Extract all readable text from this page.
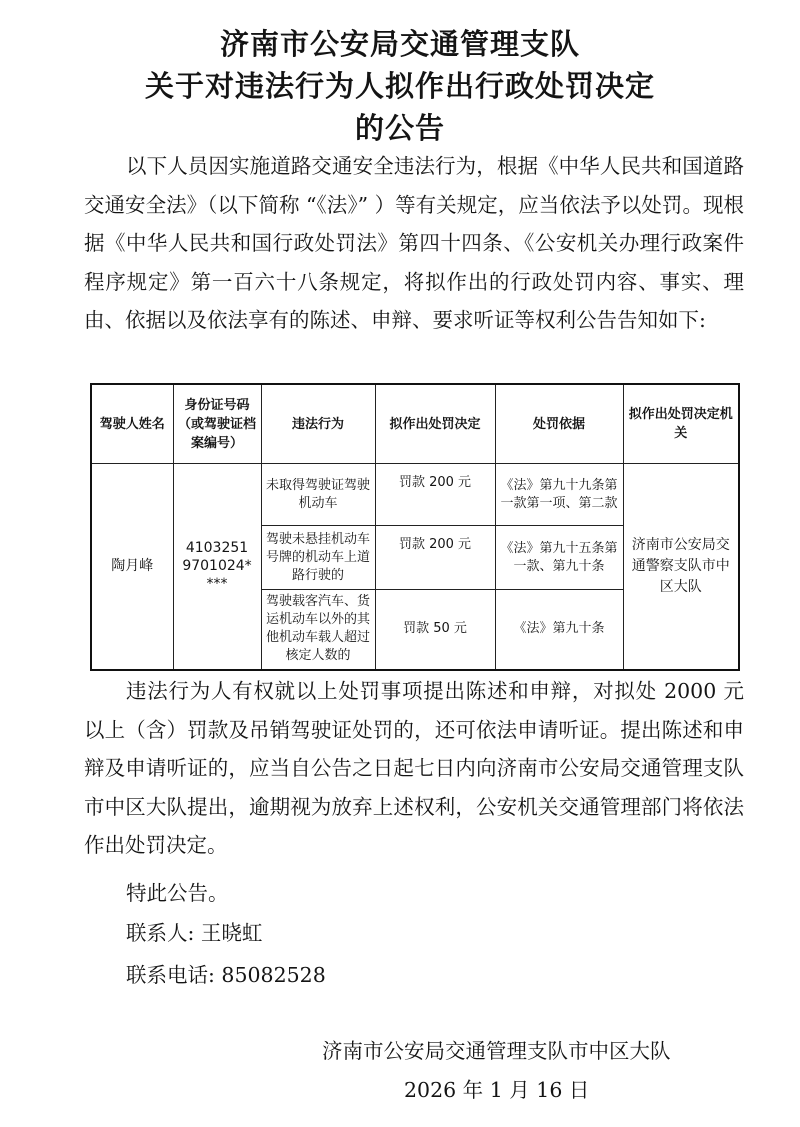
济南市公安局交通管理支队
关于对违法行为人拟作出行政处罚决定
的公告

以下人员因实施道路交通安全违法行为，根据《中华人民共和国道路交通安全法》（以下简称 “《法》” ）等有关规定，应当依法予以处罚。现根据《中华人民共和国行政处罚法》第四十四条、《公安机关办理行政案件程序规定》第一百六十八条规定，将拟作出的行政处罚内容、事实、理由、依据以及依法享有的陈述、申辩、要求听证等权利公告告知如下:

驾驶人姓名	身份证号码（或驾驶证档案编号）	违法行为	拟作出处罚决定	处罚依据	拟作出处罚决定机关
陶月峰	41032519701024****	未取得驾驶证驾驶机动车	罚款 200 元	《法》第九十九条第一款第一项、第二款	济南市公安局交通警察支队市中区大队
		驾驶未悬挂机动车号牌的机动车上道路行驶的	罚款 200 元	《法》第九十五条第一款、第九十条	
		驾驶载客汽车、货运机动车以外的其他机动车载人超过核定人数的	罚款 50 元	《法》第九十条	

违法行为人有权就以上处罚事项提出陈述和申辩，对拟处 2000 元以上（含）罚款及吊销驾驶证处罚的，还可依法申请听证。提出陈述和申辩及申请听证的，应当自公告之日起七日内向济南市公安局交通管理支队市中区大队提出，逾期视为放弃上述权利，公安机关交通管理部门将依法作出处罚决定。

特此公告。

联系人: 王晓虹

联系电话: 85082528

济南市公安局交通管理支队市中区大队

2026 年 1 月 16 日
